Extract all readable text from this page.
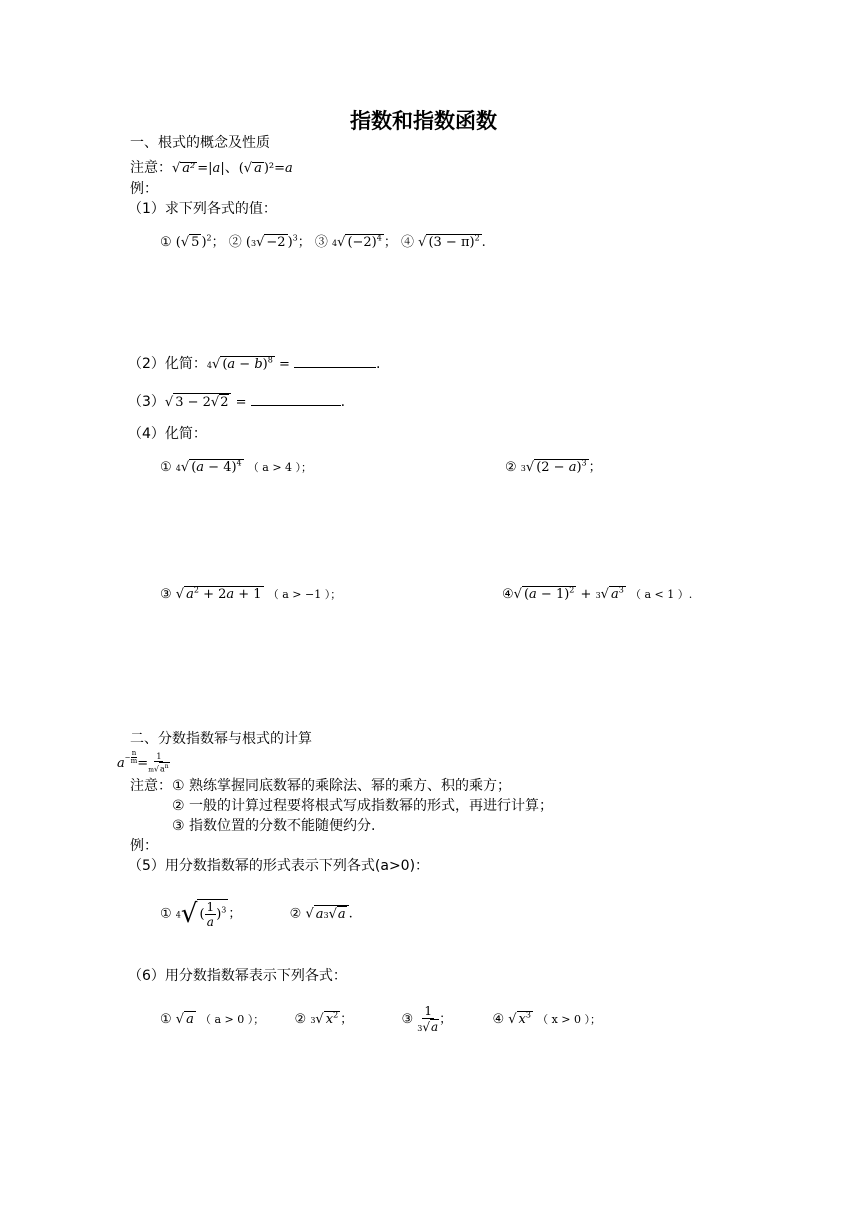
指数和指数函数
一、根式的概念及性质
注意：√ a² =|a|、(√ a )²=a
例：
（1）求下列各式的值：
① (√ 5 )$^2$； ② (3√ −2 )$^3$； ③ 4√ $(-2)^4$ ； ④ √ $(3 - \pi)^2$ .
（2）化简：4√ $(a - b)^8$ =	.
（3）√ 3 − 2√2 =	.
（4）化简：
① 4√ $(a - 4)^4$ （ a > 4 ）；	② 3√ $(2 - a)^3$ ；
③ √ $a^2 + 2a + 1$ （ a > −1 ）；	④√ $(a - 1)^2 + 3√$ $a^3$ （ a < 1 ）.
二、分数指数幂与根式的计算
$a- \frac{n}{m} = \frac{1}{m√a^n}$
注意： ① 熟练掌握同底数幂的乘除法、幂的乘方、积的乘方；
② 一般的计算过程要将根式写成指数幂的形式，再进行计算；
③ 指数位置的分数不能随便约分.
例：
（5）用分数指数幂的形式表示下列各式(a>0)：
① 4√ ( $\frac{1}{a} )^3$ ；	② √ a3√a .
（6）用分数指数幂表示下列各式：
① √ a （ a > 0 ）； ② 3√ $x^2$ ；	③ $\frac{1}{3√a}$ ；	④ √ $x^3$ （ x > 0 ）；
